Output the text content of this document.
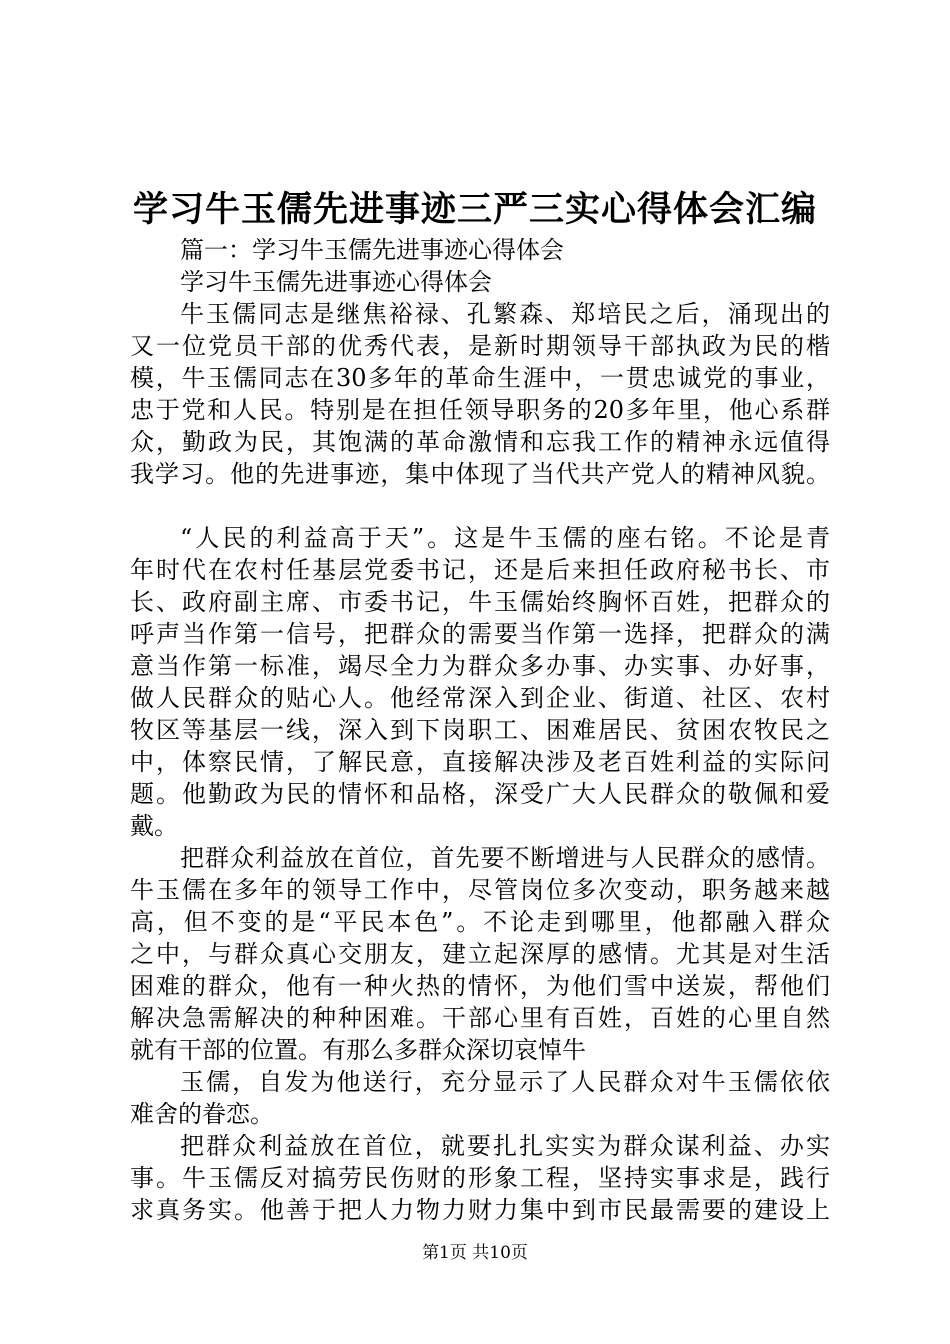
学习牛玉儒先进事迹三严三实心得体会汇编
篇一：学习牛玉儒先进事迹心得体会
学习牛玉儒先进事迹心得体会

牛玉儒同志是继焦裕禄、孔繁森、郑培民之后，涌现出的
又一位党员干部的优秀代表，是新时期领导干部执政为民的楷
模，牛玉儒同志在30多年的革命生涯中，一贯忠诚党的事业，
忠于党和人民。特别是在担任领导职务的20多年里，他心系群
众，勤政为民，其饱满的革命激情和忘我工作的精神永远值得
我学习。他的先进事迹，集中体现了当代共产党人的精神风貌。

“人民的利益高于天”。这是牛玉儒的座右铭。不论是青
年时代在农村任基层党委书记，还是后来担任政府秘书长、市
长、政府副主席、市委书记，牛玉儒始终胸怀百姓，把群众的
呼声当作第一信号，把群众的需要当作第一选择，把群众的满
意当作第一标准，竭尽全力为群众多办事、办实事、办好事，
做人民群众的贴心人。他经常深入到企业、街道、社区、农村
牧区等基层一线，深入到下岗职工、困难居民、贫困农牧民之
中，体察民情，了解民意，直接解决涉及老百姓利益的实际问
题。他勤政为民的情怀和品格，深受广大人民群众的敬佩和爱
戴。

把群众利益放在首位，首先要不断增进与人民群众的感情。
牛玉儒在多年的领导工作中，尽管岗位多次变动，职务越来越
高，但不变的是“平民本色”。不论走到哪里，他都融入群众
之中，与群众真心交朋友，建立起深厚的感情。尤其是对生活
困难的群众，他有一种火热的情怀，为他们雪中送炭，帮他们
解决急需解决的种种困难。干部心里有百姓，百姓的心里自然
就有干部的位置。有那么多群众深切哀悼牛

玉儒，自发为他送行，充分显示了人民群众对牛玉儒依依
难舍的眷恋。

把群众利益放在首位，就要扎扎实实为群众谋利益、办实
事。牛玉儒反对搞劳民伤财的形象工程，坚持实事求是，践行
求真务实。他善于把人力物力财力集中到市民最需要的建设上

第1页 共10页
